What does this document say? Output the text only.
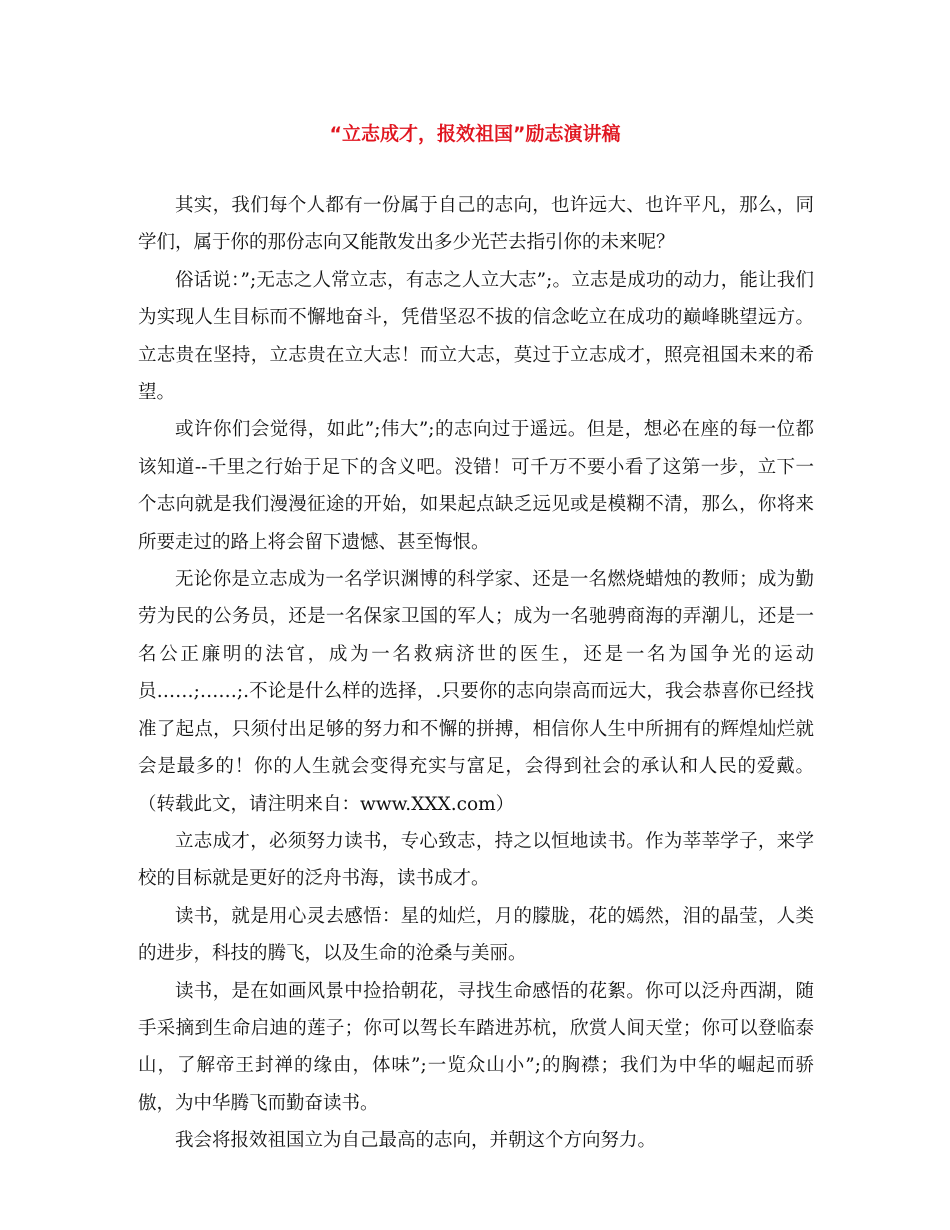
“立志成才，报效祖国”励志演讲稿

其实，我们每个人都有一份属于自己的志向，也许远大、也许平凡，那么，同学们，属于你的那份志向又能散发出多少光芒去指引你的未来呢？

俗话说：”;无志之人常立志，有志之人立大志”;。立志是成功的动力，能让我们为实现人生目标而不懈地奋斗，凭借坚忍不拔的信念屹立在成功的巅峰眺望远方。立志贵在坚持，立志贵在立大志！而立大志，莫过于立志成才，照亮祖国未来的希望。

或许你们会觉得，如此”;伟大”;的志向过于遥远。但是，想必在座的每一位都该知道--千里之行始于足下的含义吧。没错！可千万不要小看了这第一步，立下一个志向就是我们漫漫征途的开始，如果起点缺乏远见或是模糊不清，那么，你将来所要走过的路上将会留下遗憾、甚至悔恨。

无论你是立志成为一名学识渊博的科学家、还是一名燃烧蜡烛的教师；成为勤劳为民的公务员，还是一名保家卫国的军人；成为一名驰骋商海的弄潮儿，还是一名公正廉明的法官，成为一名救病济世的医生，还是一名为国争光的运动员……;……;.不论是什么样的选择，.只要你的志向崇高而远大，我会恭喜你已经找准了起点，只须付出足够的努力和不懈的拼搏，相信你人生中所拥有的辉煌灿烂就会是最多的！你的人生就会变得充实与富足，会得到社会的承认和人民的爱戴。 （转载此文，请注明来自：www.XXX.com）

立志成才，必须努力读书，专心致志，持之以恒地读书。作为莘莘学子，来学校的目标就是更好的泛舟书海，读书成才。

读书，就是用心灵去感悟：星的灿烂，月的朦胧，花的嫣然，泪的晶莹，人类的进步，科技的腾飞，以及生命的沧桑与美丽。

读书，是在如画风景中捡拾朝花，寻找生命感悟的花絮。你可以泛舟西湖，随手采摘到生命启迪的莲子；你可以驾长车踏进苏杭，欣赏人间天堂；你可以登临泰山，了解帝王封禅的缘由，体味”;一览众山小”;的胸襟；我们为中华的崛起而骄傲，为中华腾飞而勤奋读书。

我会将报效祖国立为自己最高的志向，并朝这个方向努力。
